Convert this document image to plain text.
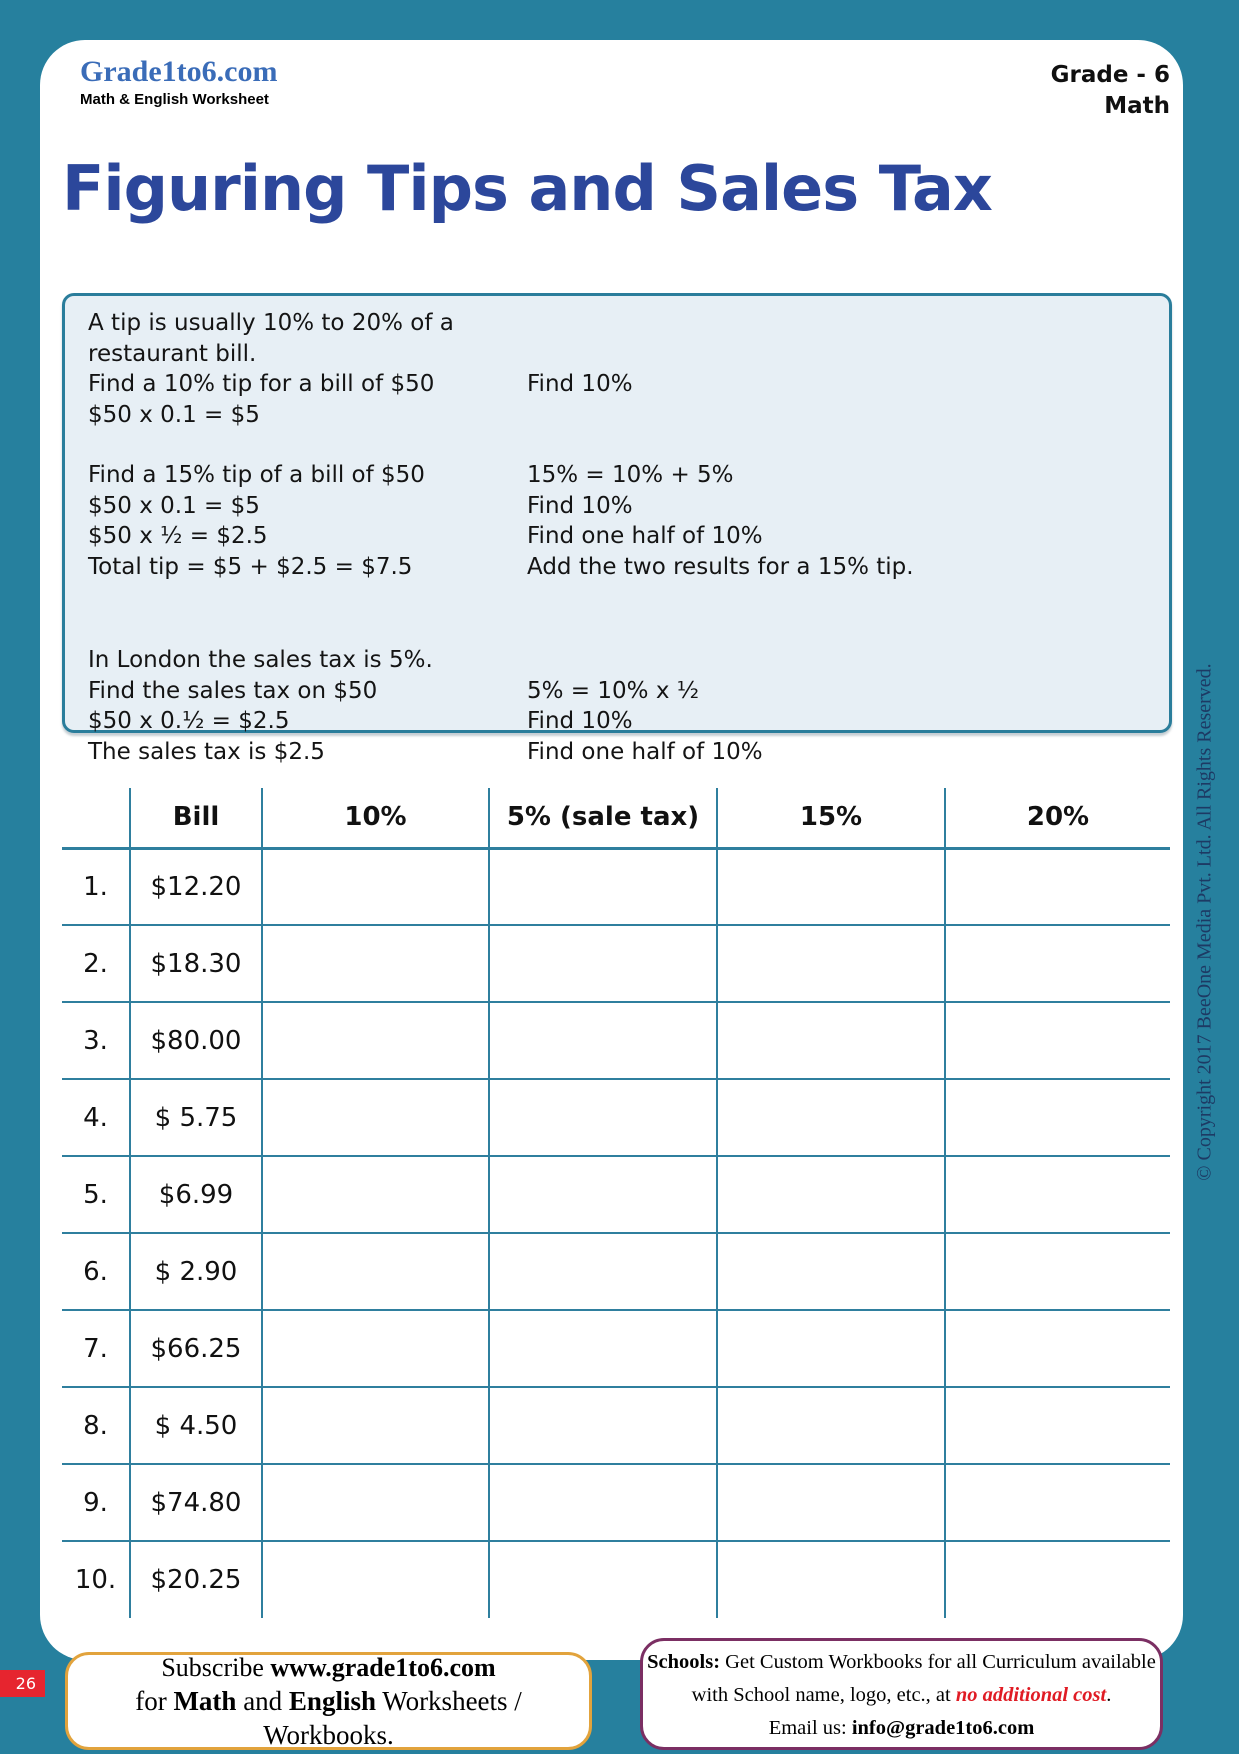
Grade1to6.com
Math & English Worksheet
Grade - 6
Math
Figuring Tips and Sales Tax
A tip is usually 10% to 20% of a restaurant bill.
Find a 10% tip for a bill of $50	Find 10%
$50 x 0.1 = $5
Find a 15% tip of a bill of $50	15% = 10% + 5%
$50 x 0.1 = $5	Find 10%
$50 x ½ = $2.5	Find one half of 10%
Total tip = $5 + $2.5 = $7.5	Add the two results for a 15% tip.
In London the sales tax is 5%.
Find the sales tax on $50	5% = 10% x ½
$50 x 0.½ = $2.5	Find 10%
The sales tax is $2.5	Find one half of 10%
	Bill	10%	5% (sale tax)	15%	20%
1.	$12.20				
2.	$18.30				
3.	$80.00				
4.	$ 5.75				
5.	$6.99				
6.	$ 2.90				
7.	$66.25				
8.	$ 4.50				
9.	$74.80				
10.	$20.25				
© Copyright 2017 BeeOne Media Pvt. Ltd. All Rights Reserved.
26
Subscribe www.grade1to6.com
for Math and English Worksheets / Workbooks.
Schools: Get Custom Workbooks for all Curriculum available
with School name, logo, etc., at no additional cost.
Email us: info@grade1to6.com
